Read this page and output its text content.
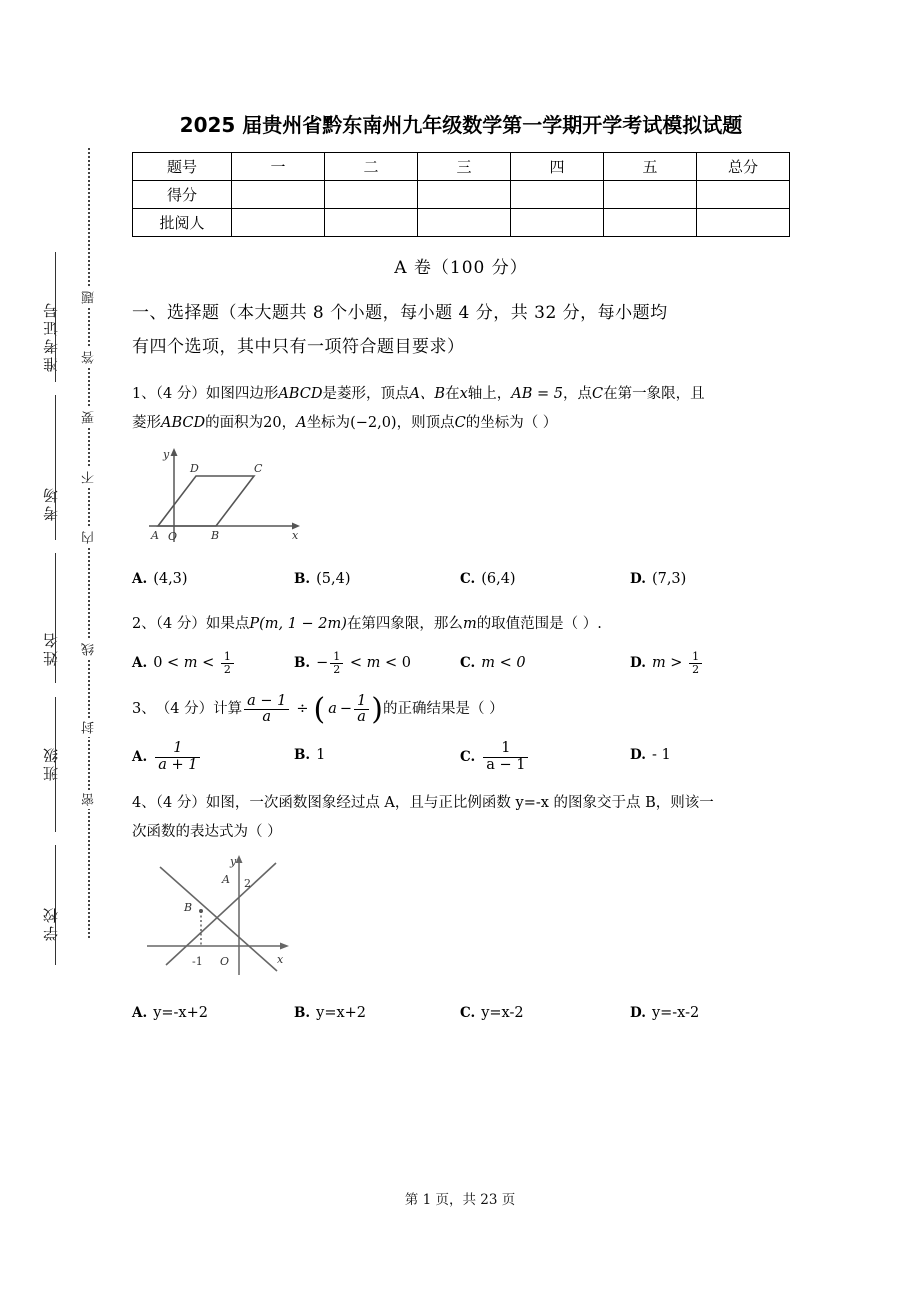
准考证号
考场
姓名
班级
学校
题
答
要
不
内
线
封
密
2025 届贵州省黔东南州九年级数学第一学期开学考试模拟试题
题号	一	二	三	四	五	总分
得分						
批阅人						
A 卷（100 分）
一、选择题（本大题共 8 个小题，每小题 4 分，共 32 分，每小题均
有四个选项，其中只有一项符合题目要求）
1、（4 分）如图四边形ABCD是菱形，顶点A、B在x轴上，AB = 5，点C在第一象限，且
菱形ABCD的面积为20，A坐标为(−2,0)，则顶点C的坐标为（ ）
A O	B
C
D
y
x
A. (4,3)	B. (5,4)	C. (6,4)	D. (7,3)
2、（4 分）如果点P(m, 1 − 2m)在第四象限，那么m的取值范围是（ ）.
A. $0 < m < \frac{1}{2}$	B. − $\frac{1}{2} < m < 0$	C. m < 0	D. $m > \frac{1}{2}$
3、 （4 分） 计算 $\frac{a - 1}{a}$ ÷ ( $a - \frac{1}{a}$ ) 的正确结果是（ ）
A. $\frac{1}{a + 1}$	B. 1	C. $\frac{1}{a - 1}$	D. - 1
4、（4 分）如图，一次函数图象经过点 A，且与正比例函数 y=-x 的图象交于点 B，则该一
次函数的表达式为（ ）
A 2
B
-1 O
y
x
A. y=-x+2	B. y=x+2	C. y=x-2	D. y=-x-2
第 1 页，共 23 页
